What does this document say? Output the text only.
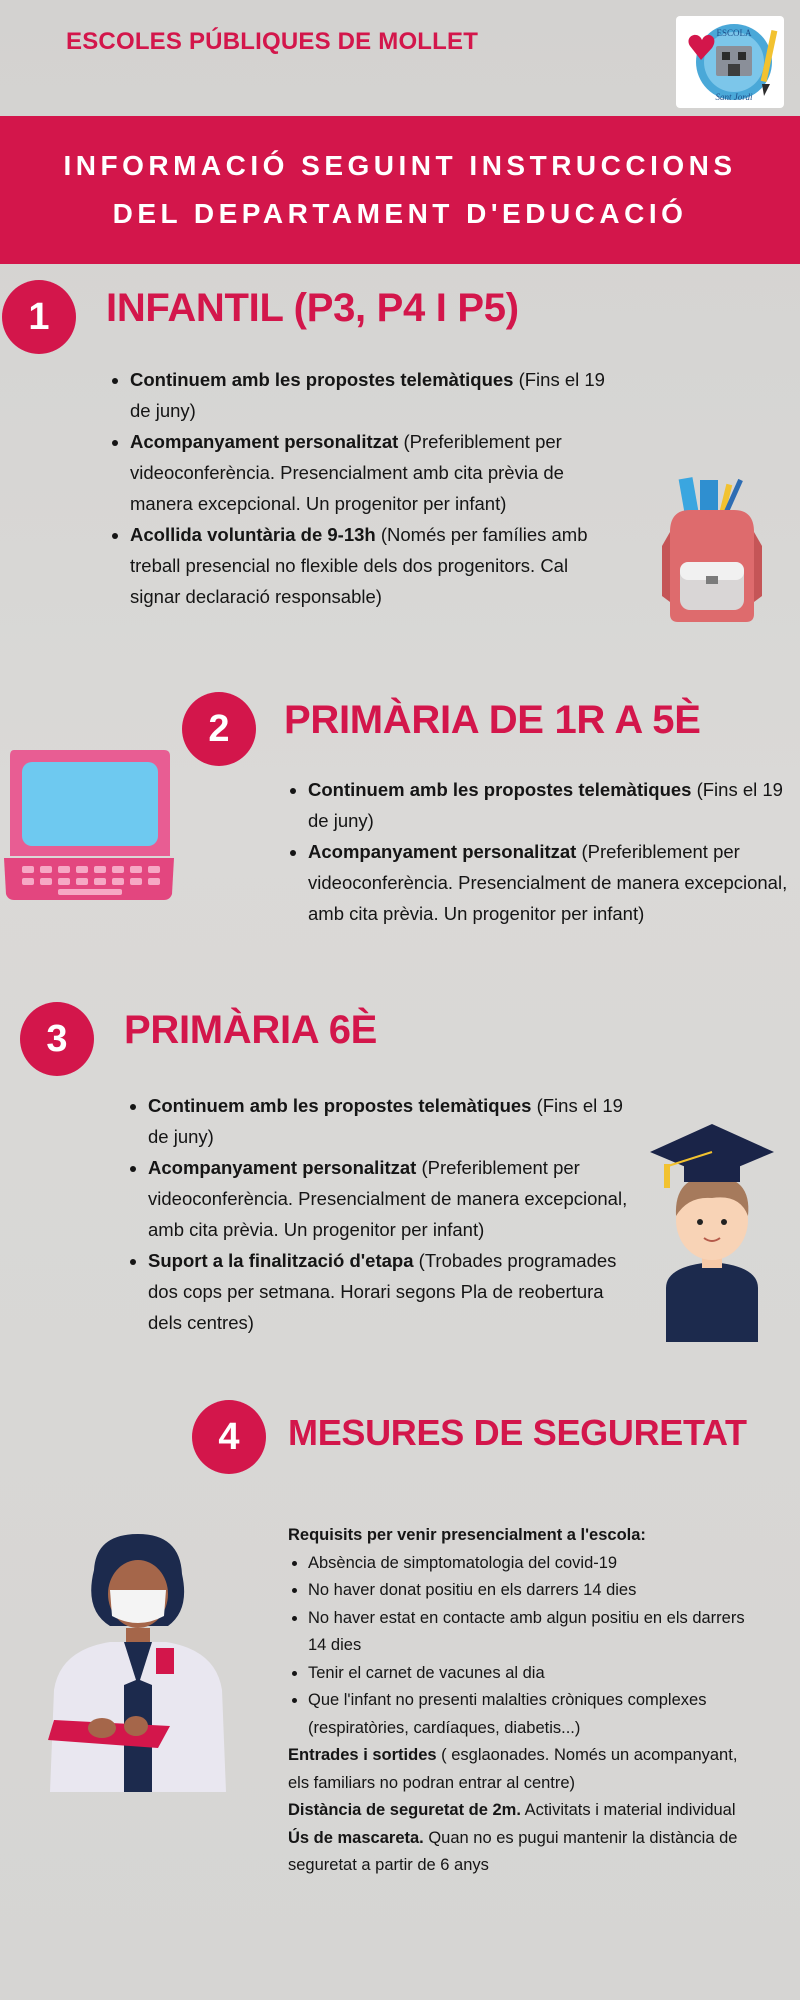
ESCOLES PÚBLIQUES DE MOLLET	ESCOLA
Sant Jordi
INFORMACIÓ SEGUINT INSTRUCCIONS
DEL DEPARTAMENT D'EDUCACIÓ
1	INFANTIL (P3, P4 I P5)
• Continuem amb les propostes telemàtiques (Fins el 19 de juny)
• Acompanyament personalitzat (Preferiblement per videoconferència. Presencialment amb cita prèvia de manera excepcional. Un progenitor per infant)
• Acollida voluntària de 9-13h (Només per famílies amb treball presencial no flexible dels dos progenitors. Cal signar declaració responsable)
2	PRIMÀRIA DE 1R A 5È
• Continuem amb les propostes telemàtiques (Fins el 19 de juny)
• Acompanyament personalitzat (Preferiblement per videoconferència. Presencialment de manera excepcional, amb cita prèvia. Un progenitor per infant)
3	PRIMÀRIA 6È
• Continuem amb les propostes telemàtiques (Fins el 19 de juny)
• Acompanyament personalitzat (Preferiblement per videoconferència. Presencialment de manera excepcional, amb cita prèvia. Un progenitor per infant)
• Suport a la finalització d'etapa (Trobades programades dos cops per setmana. Horari segons Pla de reobertura dels centres)
4	MESURES DE SEGURETAT

Requisits per venir presencialment a l'escola:

• Absència de simptomatologia del covid-19
• No haver donat positiu en els darrers 14 dies
• No haver estat en contacte amb algun positiu en els darrers 14 dies
• Tenir el carnet de vacunes al dia
• Que l'infant no presenti malalties cròniques complexes (respiratòries, cardíaques, diabetis...)

Entrades i sortides ( esglaonades. Només un acompanyant, els familiars no podran entrar al centre)

Distància de seguretat de 2m. Activitats i material individual

Ús de mascareta. Quan no es pugui mantenir la distància de seguretat a partir de 6 anys
